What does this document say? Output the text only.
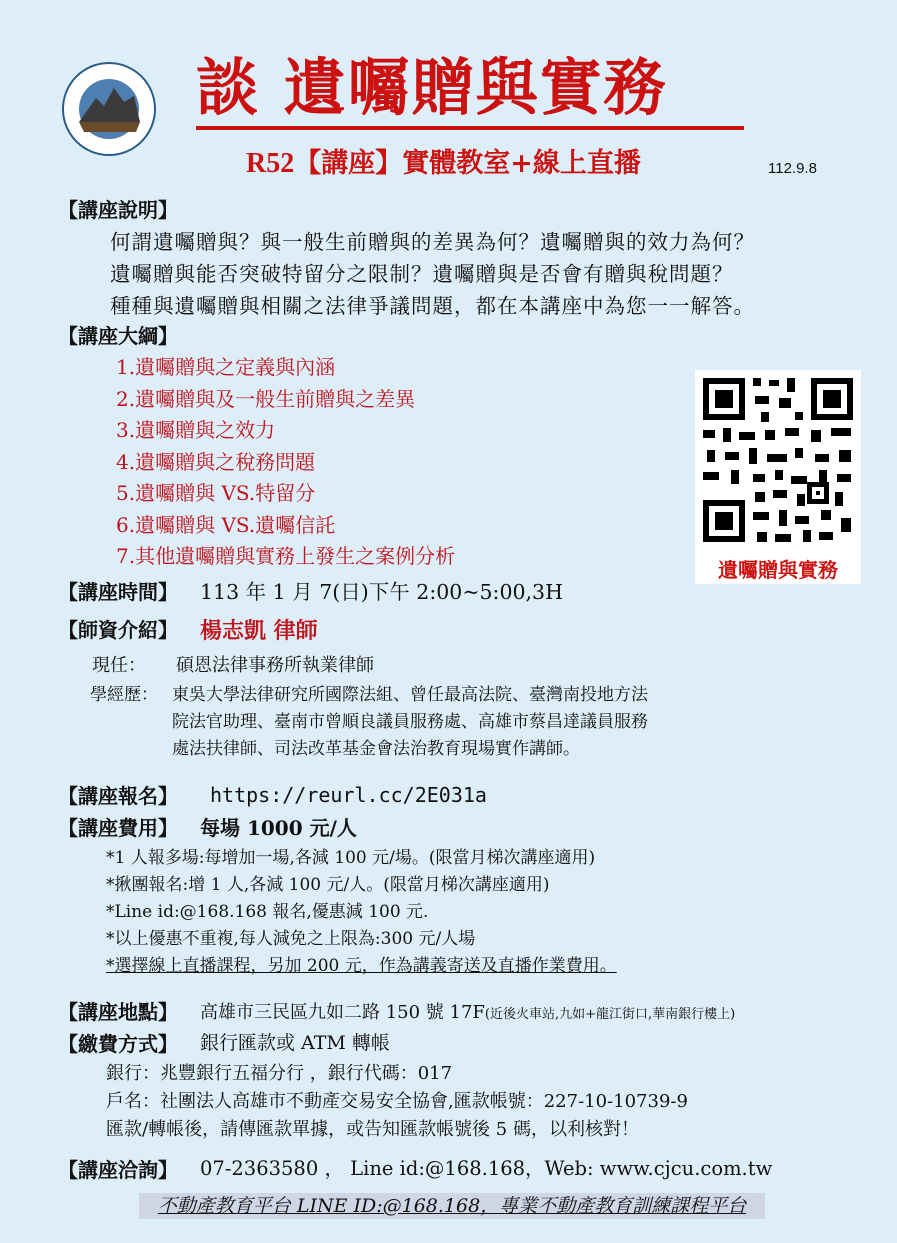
談 遺囑贈與實務
R52【講座】實體教室+線上直播	112.9.8
【講座說明】
何謂遺囑贈與？與一般生前贈與的差異為何？遺囑贈與的效力為何？
遺囑贈與能否突破特留分之限制？遺囑贈與是否會有贈與稅問題？
種種與遺囑贈與相關之法律爭議問題，都在本講座中為您一一解答。
【講座大綱】
1.遺囑贈與之定義與內涵
2.遺囑贈與及一般生前贈與之差異
3.遺囑贈與之效力
4.遺囑贈與之稅務問題
5.遺囑贈與 VS.特留分
6.遺囑贈與 VS.遺囑信託
7.其他遺囑贈與實務上發生之案例分析
遺囑贈與實務
【講座時間】 113 年 1 月 7(日)下午 2:00~5:00,3H
【師資介紹】 楊志凱 律師
現任： 碩恩法律事務所執業律師
學經歷： 東吳大學法律研究所國際法組、曾任最高法院、臺灣南投地方法
院法官助理、臺南市曾順良議員服務處、高雄市蔡昌達議員服務
處法扶律師、司法改革基金會法治教育現場實作講師。
【講座報名】 https://reurl.cc/2E031a
【講座費用】 每場 1000 元/人
*1 人報多場:每增加一場,各減 100 元/場。(限當月梯次講座適用)
*揪團報名:增 1 人,各減 100 元/人。(限當月梯次講座適用)
*Line id:@168.168 報名,優惠減 100 元.
*以上優惠不重複,每人減免之上限為:300 元/人場
*選擇線上直播課程，另加 200 元，作為講義寄送及直播作業費用。
【講座地點】 高雄市三民區九如二路 150 號 17F(近後火車站,九如+龍江街口,華南銀行樓上)
【繳費方式】 銀行匯款或 ATM 轉帳
銀行：兆豐銀行五福分行 ，銀行代碼：017
戶名：社團法人高雄市不動產交易安全協會,匯款帳號：227-10-10739-9
匯款/轉帳後，請傳匯款單據，或告知匯款帳號後 5 碼，以利核對！
【講座洽詢】 07-2363580 ， Line id:@168.168，Web: www.cjcu.com.tw
不動產教育平台 LINE ID:@168.168，專業不動產教育訓練課程平台
